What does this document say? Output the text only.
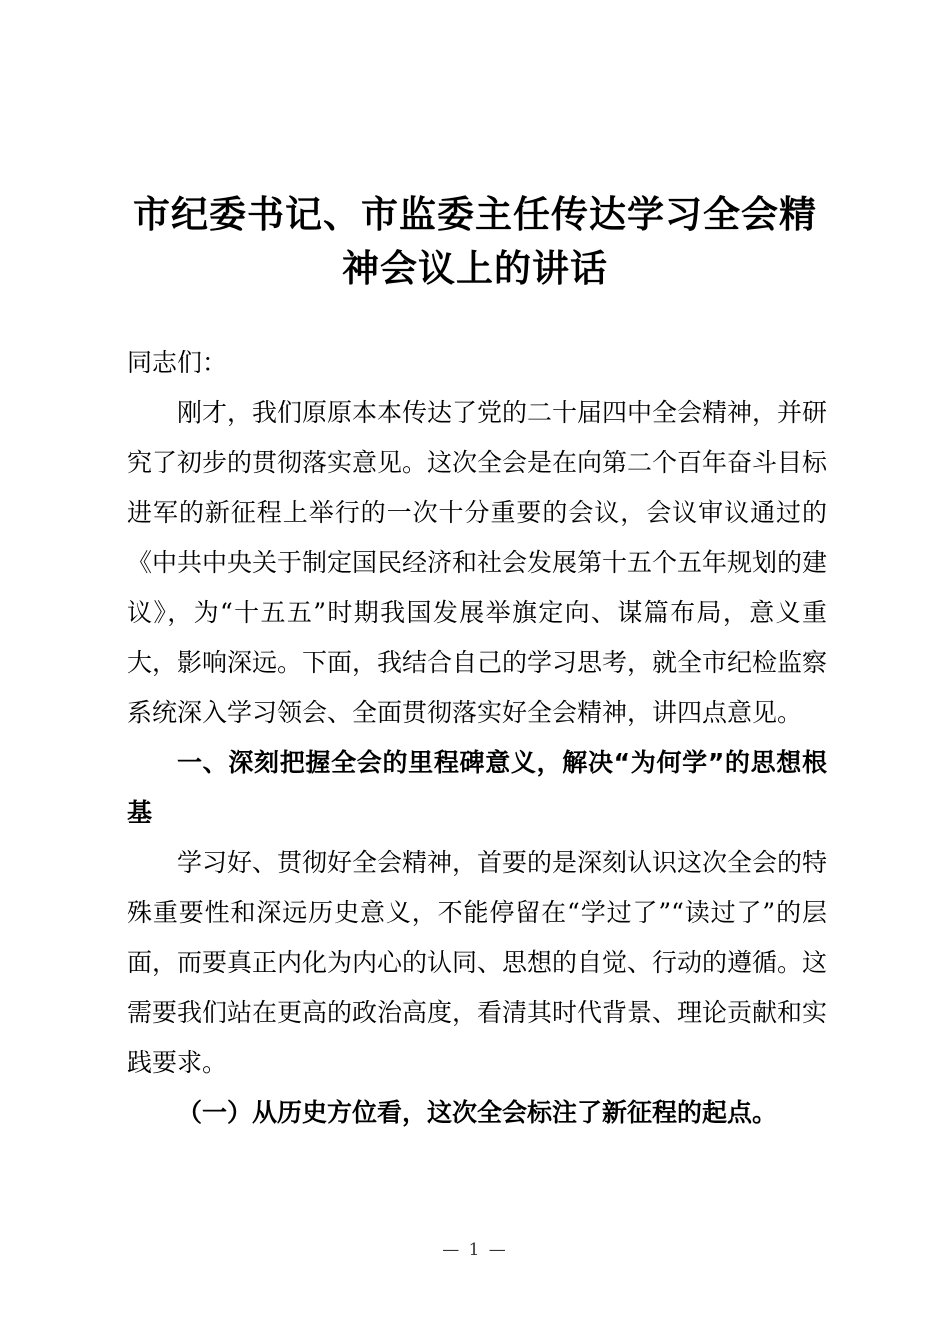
市纪委书记、市监委主任传达学习全会精
神会议上的讲话

同志们：

刚才，我们原原本本传达了党的二十届四中全会精神，并研究了初步的贯彻落实意见。这次全会是在向第二个百年奋斗目标进军的新征程上举行的一次十分重要的会议，会议审议通过的《中共中央关于制定国民经济和社会发展第十五个五年规划的建议》，为“十五五”时期我国发展举旗定向、谋篇布局，意义重大，影响深远。下面，我结合自己的学习思考，就全市纪检监察系统深入学习领会、全面贯彻落实好全会精神，讲四点意见。

一、深刻把握全会的里程碑意义，解决“为何学”的思想根基

学习好、贯彻好全会精神，首要的是深刻认识这次全会的特殊重要性和深远历史意义，不能停留在“学过了”“读过了”的层面，而要真正内化为内心的认同、思想的自觉、行动的遵循。这需要我们站在更高的政治高度，看清其时代背景、理论贡献和实践要求。

（一）从历史方位看，这次全会标注了新征程的起点。

— 1 —
